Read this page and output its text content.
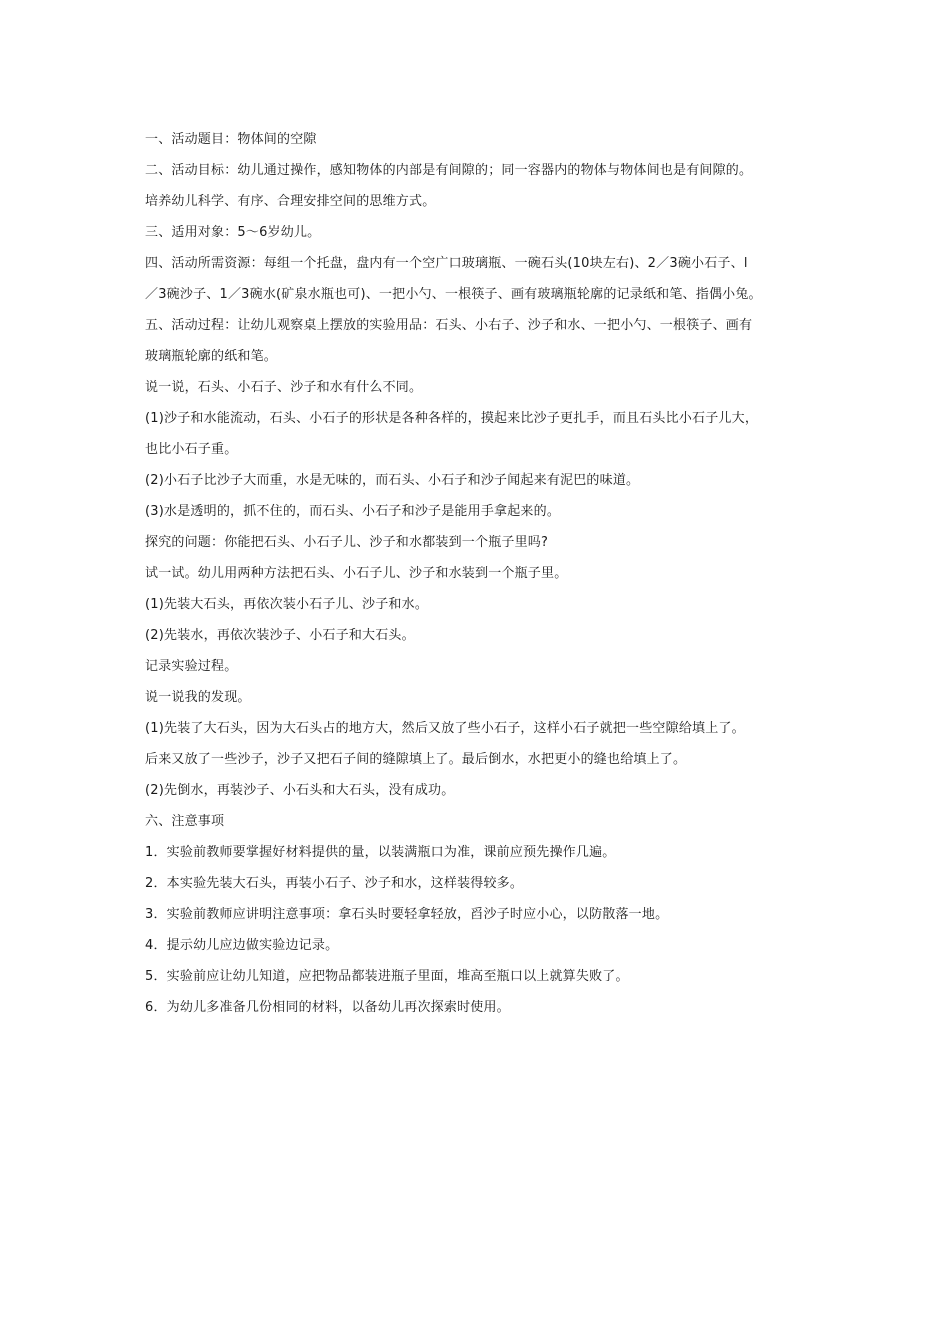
一、活动题目：物体间的空隙
二、活动目标：幼儿通过操作，感知物体的内部是有间隙的；同一容器内的物体与物体间也是有间隙的。
培养幼儿科学、有序、合理安排空间的思维方式。
三、适用对象：5～6岁幼儿。
四、活动所需资源：每组一个托盘，盘内有一个空广口玻璃瓶、一碗石头(10块左右)、2／3碗小石子、l
／3碗沙子、1／3碗水(矿泉水瓶也可)、一把小勺、一根筷子、画有玻璃瓶轮廓的记录纸和笔、指偶小兔。
五、活动过程：让幼儿观察桌上摆放的实验用品：石头、小右子、沙子和水、一把小勺、一根筷子、画有
玻璃瓶轮廓的纸和笔。
说一说，石头、小石子、沙子和水有什么不同。
(1)沙子和水能流动，石头、小石子的形状是各种各样的，摸起来比沙子更扎手，而且石头比小石子儿大，
也比小石子重。
(2)小石子比沙子大而重，水是无味的，而石头、小石子和沙子闻起来有泥巴的味道。
(3)水是透明的，抓不住的，而石头、小石子和沙子是能用手拿起来的。
探究的问题：你能把石头、小石子儿、沙子和水都装到一个瓶子里吗?
试一试。幼儿用两种方法把石头、小石子儿、沙子和水装到一个瓶子里。
(1)先装大石头，再依次装小石子儿、沙子和水。
(2)先装水，再依次装沙子、小石子和大石头。
记录实验过程。
说一说我的发现。
(1)先装了大石头，因为大石头占的地方大，然后又放了些小石子，这样小石子就把一些空隙给填上了。
后来又放了一些沙子，沙子又把石子间的缝隙填上了。最后倒水，水把更小的缝也给填上了。
(2)先倒水，再装沙子、小石头和大石头，没有成功。
六、注意事项
1．实验前教师要掌握好材料提供的量，以装满瓶口为准，课前应预先操作几遍。
2．本实验先装大石头，再装小石子、沙子和水，这样装得较多。
3．实验前教师应讲明注意事项：拿石头时要轻拿轻放，舀沙子时应小心，以防散落一地。
4．提示幼儿应边做实验边记录。
5．实验前应让幼儿知道，应把物品都装进瓶子里面，堆高至瓶口以上就算失败了。
6．为幼儿多准备几份相同的材料，以备幼儿再次探索时使用。
